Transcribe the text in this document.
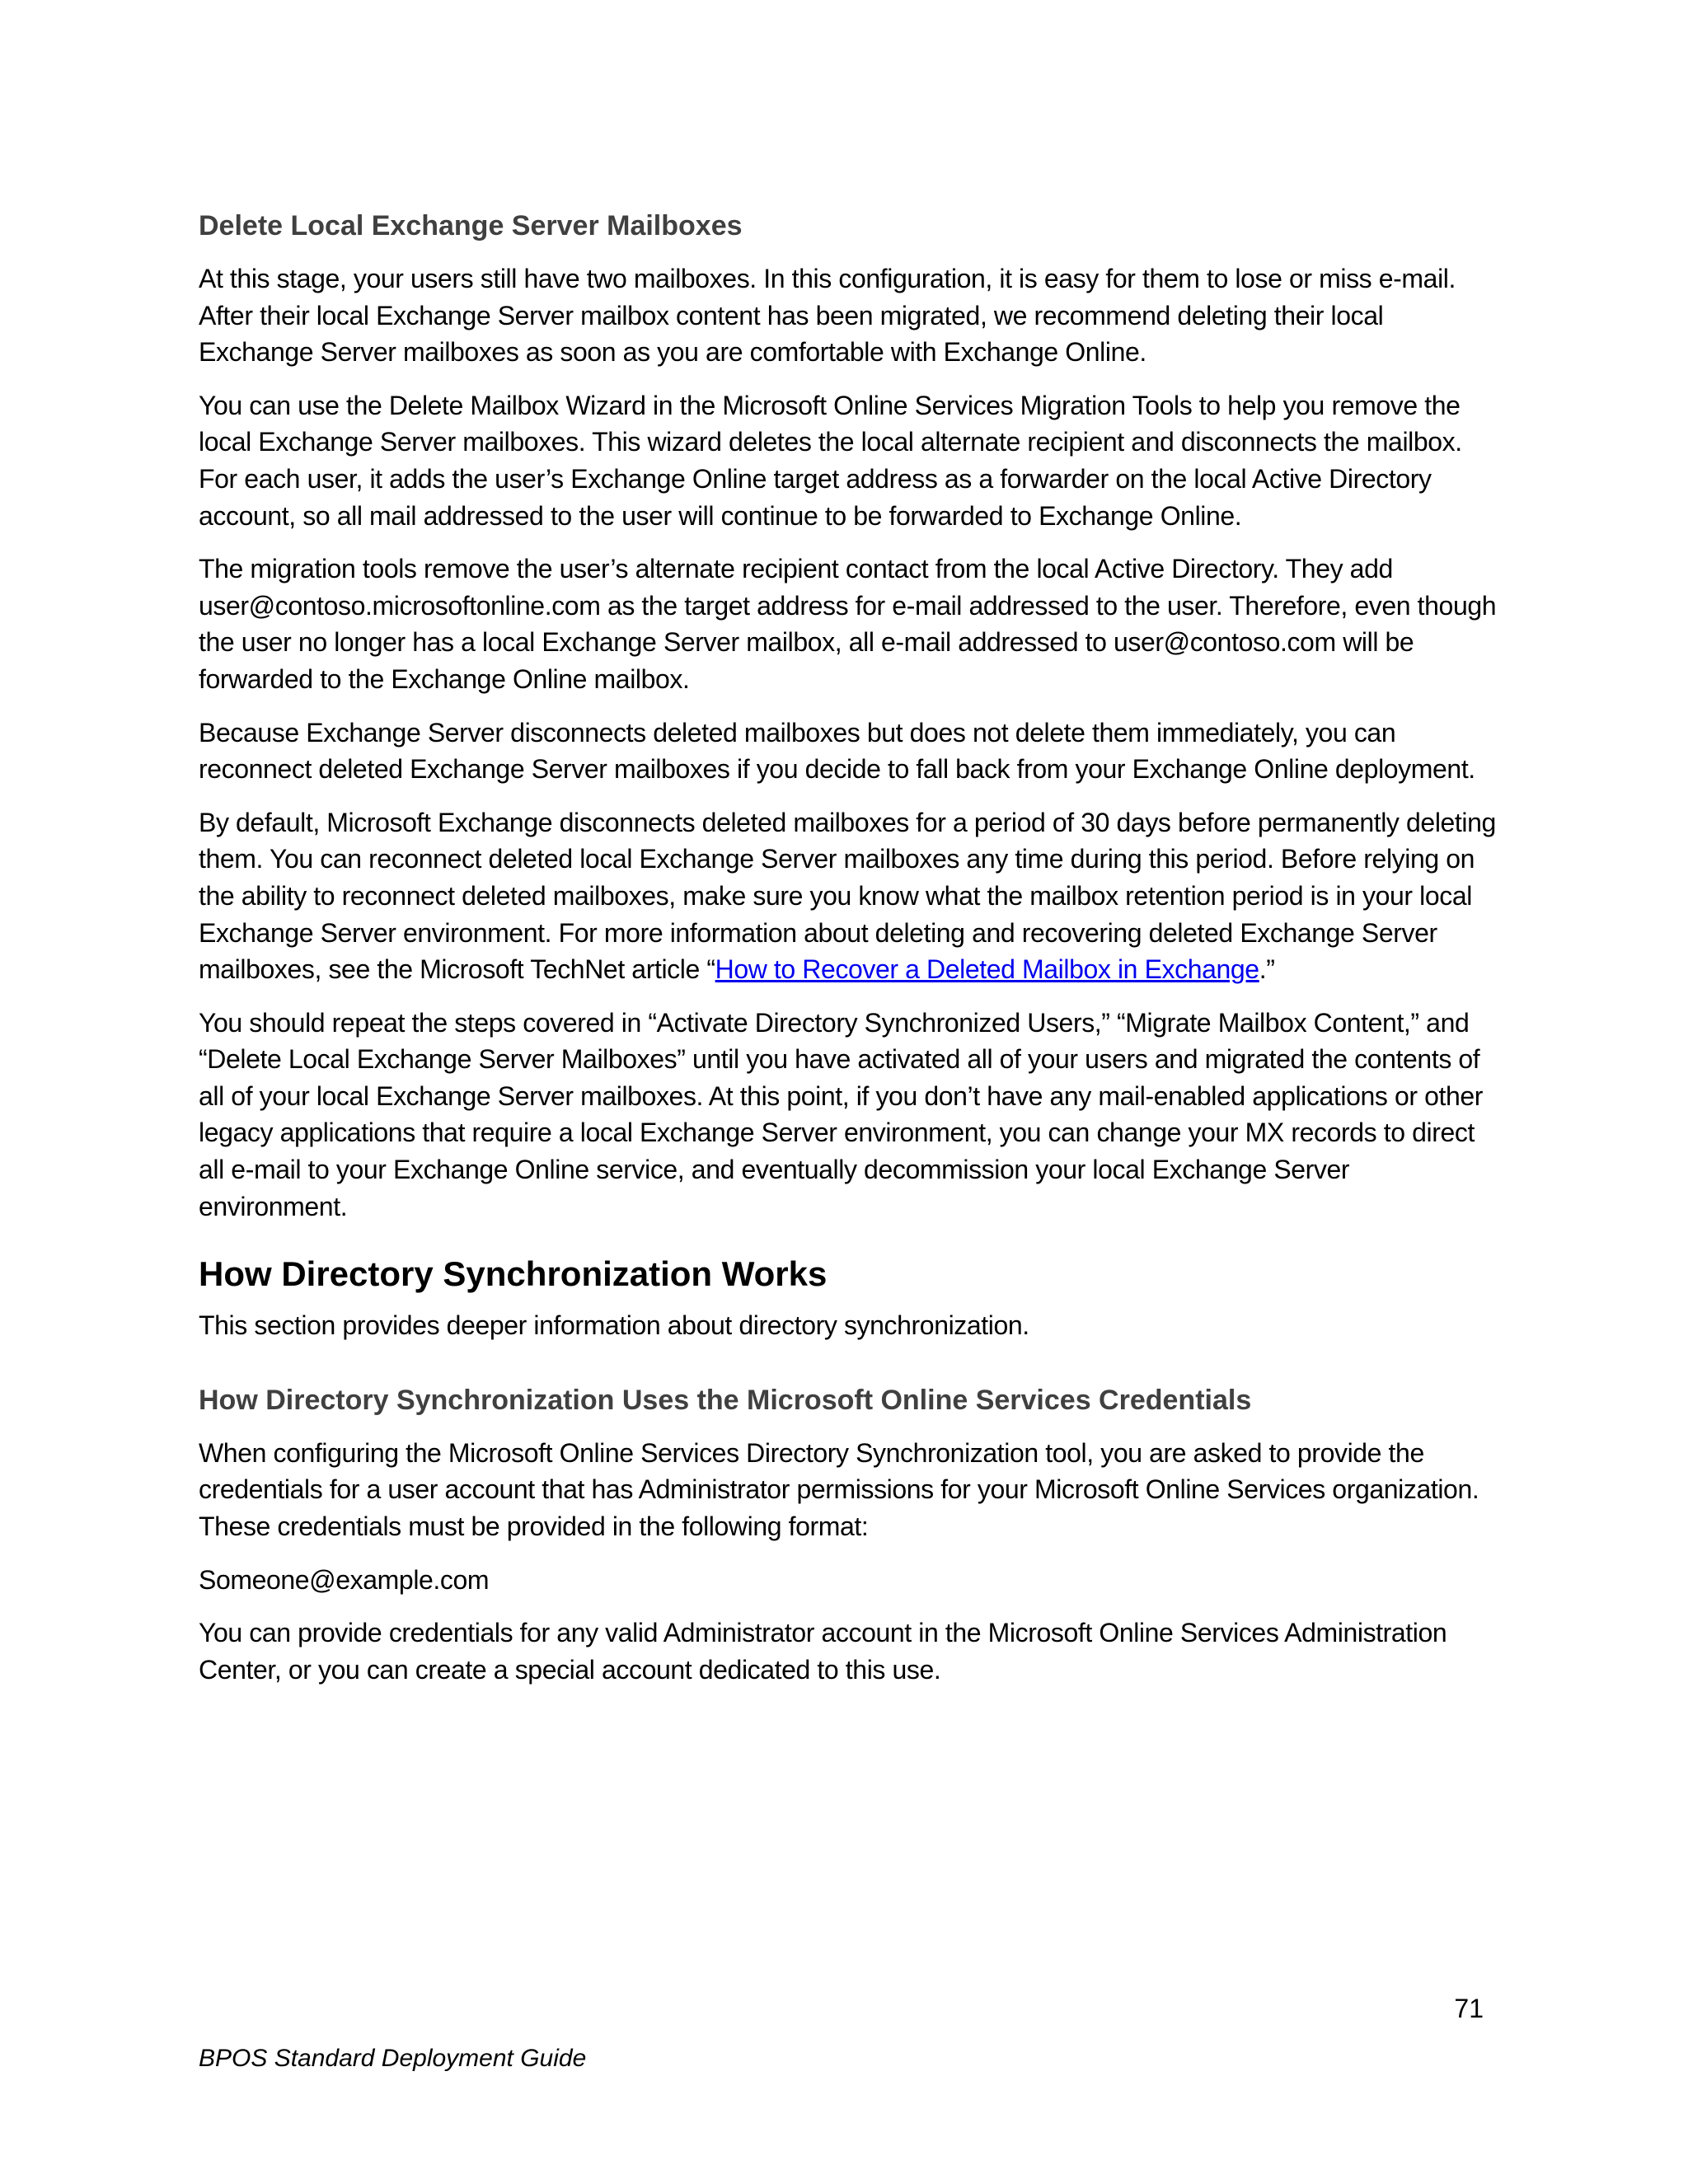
Delete Local Exchange Server Mailboxes

At this stage, your users still have two mailboxes. In this configuration, it is easy for them to lose or miss e-mail. After their local Exchange Server mailbox content has been migrated, we recommend deleting their local Exchange Server mailboxes as soon as you are comfortable with Exchange Online.

You can use the Delete Mailbox Wizard in the Microsoft Online Services Migration Tools to help you remove the local Exchange Server mailboxes. This wizard deletes the local alternate recipient and disconnects the mailbox. For each user, it adds the user’s Exchange Online target address as a forwarder on the local Active Directory account, so all mail addressed to the user will continue to be forwarded to Exchange Online.

The migration tools remove the user’s alternate recipient contact from the local Active Directory. They add user@contoso.microsoftonline.com as the target address for e-mail addressed to the user. Therefore, even though the user no longer has a local Exchange Server mailbox, all e-mail addressed to user@contoso.com will be forwarded to the Exchange Online mailbox.

Because Exchange Server disconnects deleted mailboxes but does not delete them immediately, you can reconnect deleted Exchange Server mailboxes if you decide to fall back from your Exchange Online deployment.

By default, Microsoft Exchange disconnects deleted mailboxes for a period of 30 days before permanently deleting them. You can reconnect deleted local Exchange Server mailboxes any time during this period. Before relying on the ability to reconnect deleted mailboxes, make sure you know what the mailbox retention period is in your local Exchange Server environment. For more information about deleting and recovering deleted Exchange Server mailboxes, see the Microsoft TechNet article “How to Recover a Deleted Mailbox in Exchange.”

You should repeat the steps covered in “Activate Directory Synchronized Users,” “Migrate Mailbox Content,” and “Delete Local Exchange Server Mailboxes” until you have activated all of your users and migrated the contents of all of your local Exchange Server mailboxes. At this point, if you don’t have any mail-enabled applications or other legacy applications that require a local Exchange Server environment, you can change your MX records to direct all e-mail to your Exchange Online service, and eventually decommission your local Exchange Server environment.

How Directory Synchronization Works

This section provides deeper information about directory synchronization.

How Directory Synchronization Uses the Microsoft Online Services Credentials

When configuring the Microsoft Online Services Directory Synchronization tool, you are asked to provide the credentials for a user account that has Administrator permissions for your Microsoft Online Services organization. These credentials must be provided in the following format:

Someone@example.com

You can provide credentials for any valid Administrator account in the Microsoft Online Services Administration Center, or you can create a special account dedicated to this use.

71
BPOS Standard Deployment Guide
